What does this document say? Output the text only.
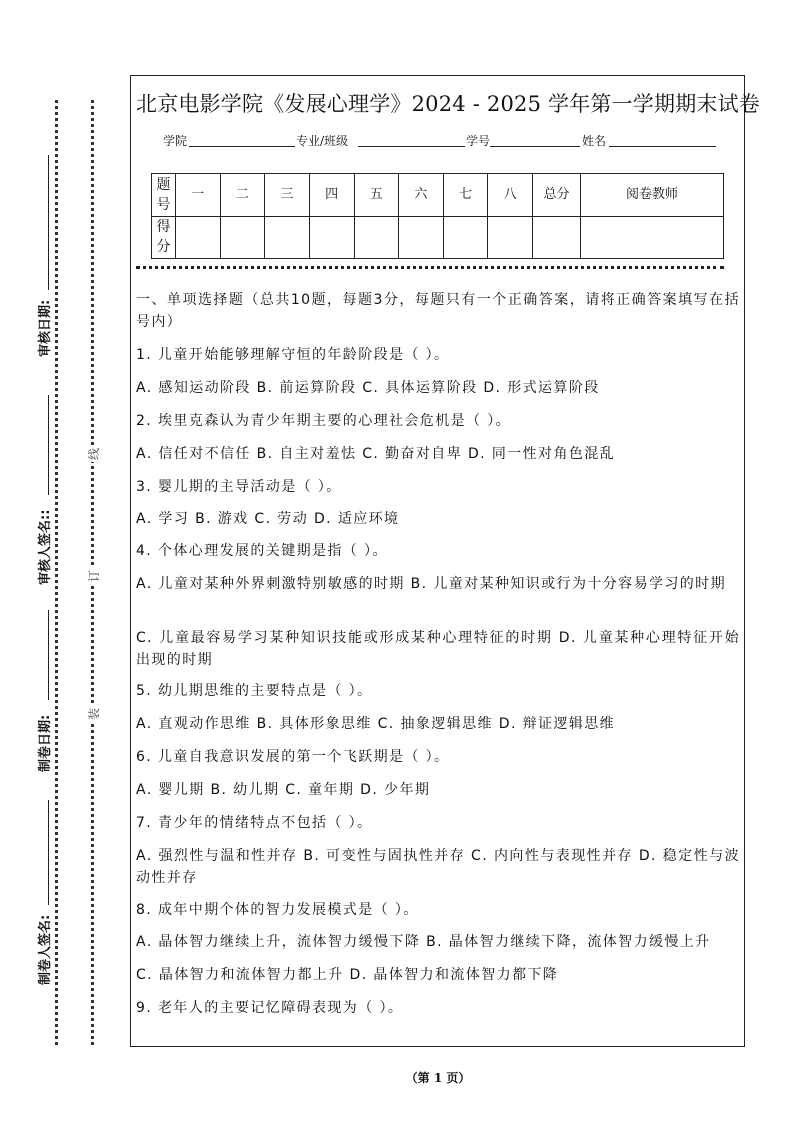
制卷人签名:
制卷日期:
审核人签名::
审核日期:
装
订
线
北京电影学院《发展心理学》2024 - 2025 学年第一学期期末试卷
学院	专业/班级	学号	姓名
题号	一	二	三	四	五	六	七	八	总分	阅卷教师
得分										
一、单项选择题（总共10题，每题3分，每题只有一个正确答案，请将正确答案填写在括号内）
1. 儿童开始能够理解守恒的年龄阶段是（ ）。
A. 感知运动阶段 B. 前运算阶段 C. 具体运算阶段 D. 形式运算阶段
2. 埃里克森认为青少年期主要的心理社会危机是（ ）。
A. 信任对不信任 B. 自主对羞怯 C. 勤奋对自卑 D. 同一性对角色混乱
3. 婴儿期的主导活动是（ ）。
A. 学习 B. 游戏 C. 劳动 D. 适应环境
4. 个体心理发展的关键期是指（ ）。
A. 儿童对某种外界刺激特别敏感的时期 B. 儿童对某种知识或行为十分容易学习的时期
C. 儿童最容易学习某种知识技能或形成某种心理特征的时期 D. 儿童某种心理特征开始出现的时期
5. 幼儿期思维的主要特点是（ ）。
A. 直观动作思维 B. 具体形象思维 C. 抽象逻辑思维 D. 辩证逻辑思维
6. 儿童自我意识发展的第一个飞跃期是（ ）。
A. 婴儿期 B. 幼儿期 C. 童年期 D. 少年期
7. 青少年的情绪特点不包括（ ）。
A. 强烈性与温和性并存 B. 可变性与固执性并存 C. 内向性与表现性并存 D. 稳定性与波动性并存
8. 成年中期个体的智力发展模式是（ ）。
A. 晶体智力继续上升，流体智力缓慢下降 B. 晶体智力继续下降，流体智力缓慢上升
C. 晶体智力和流体智力都上升 D. 晶体智力和流体智力都下降
9. 老年人的主要记忆障碍表现为（ ）。
（第 1 页）
